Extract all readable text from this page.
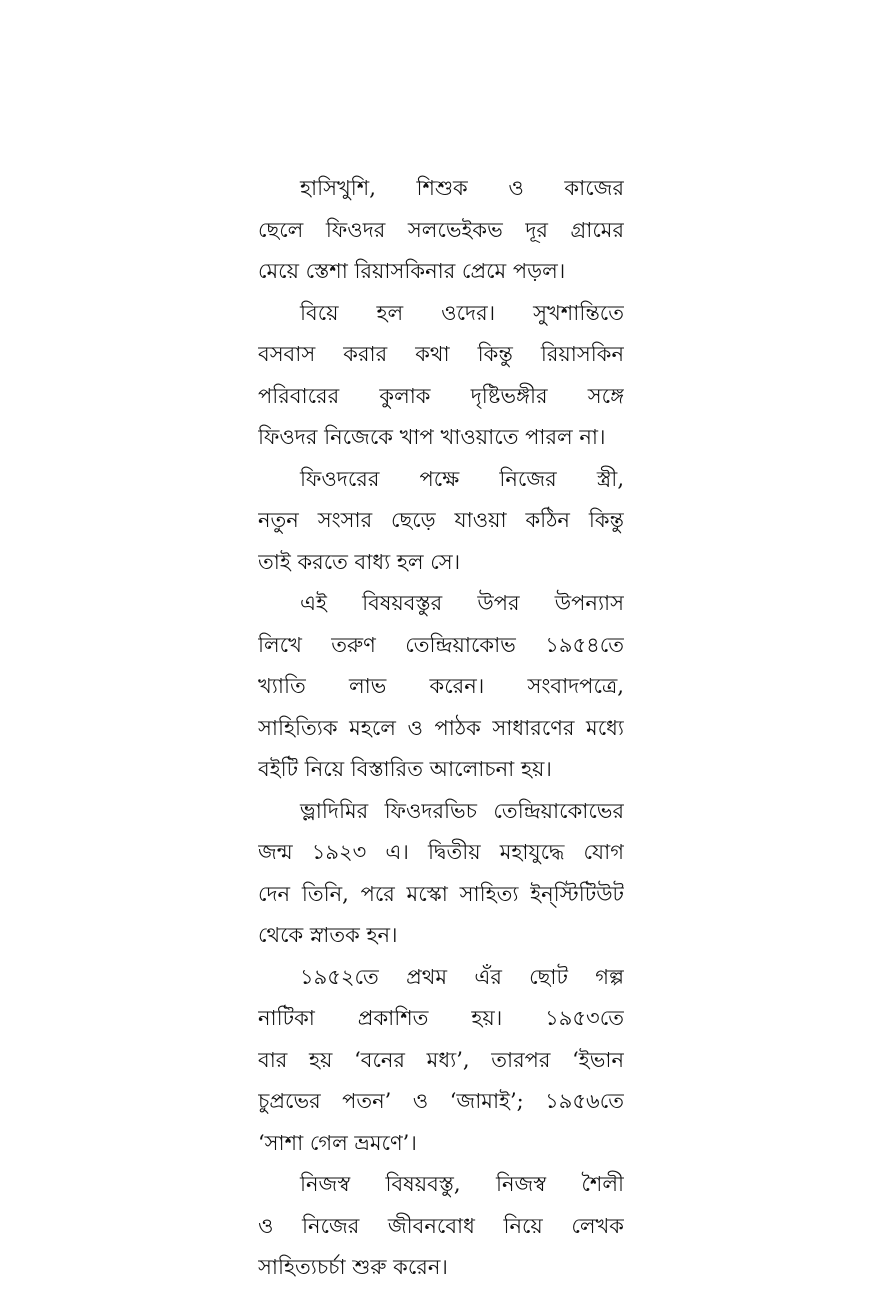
হাসিখুশি, শিশুক ও কাজের
ছেলে ফিওদর সলভেইকভ দূর গ্রামের
মেয়ে স্তেশা রিয়াসকিনার প্রেমে পড়ল।

বিয়ে হল ওদের। সুখশান্তিতে
বসবাস করার কথা কিন্তু রিয়াসকিন
পরিবারের কুলাক দৃষ্টিভঙ্গীর সঙ্গে
ফিওদর নিজেকে খাপ খাওয়াতে পারল না।

ফিওদরের পক্ষে নিজের স্ত্রী,
নতুন সংসার ছেড়ে যাওয়া কঠিন কিন্তু
তাই করতে বাধ্য হল সে।

এই বিষয়বস্তুর উপর উপন্যাস
লিখে তরুণ তেন্দ্রিয়াকোভ ১৯৫৪তে
খ্যাতি লাভ করেন। সংবাদপত্রে,
সাহিত্যিক মহলে ও পাঠক সাধারণের মধ্যে
বইটি নিয়ে বিস্তারিত আলোচনা হয়।

ভ্লাদিমির ফিওদরভিচ তেন্দ্রিয়াকোভের
জন্ম ১৯২৩ এ। দ্বিতীয় মহাযুদ্ধে যোগ
দেন তিনি, পরে মস্কো সাহিত্য ইন্‌স্টিটিউট
থেকে স্নাতক হন।

১৯৫২তে প্রথম এঁর ছোট গল্প
নাটিকা প্রকাশিত হয়। ১৯৫৩তে
বার হয় ‘বনের মধ্য’, তারপর ‘ইভান
চুপ্রভের পতন’ ও ‘জামাই’; ১৯৫৬তে
‘সাশা গেল ভ্রমণে’।

নিজস্ব বিষয়বস্তু, নিজস্ব শৈলী
ও নিজের জীবনবোধ নিয়ে লেখক
সাহিত্যচর্চা শুরু করেন।
